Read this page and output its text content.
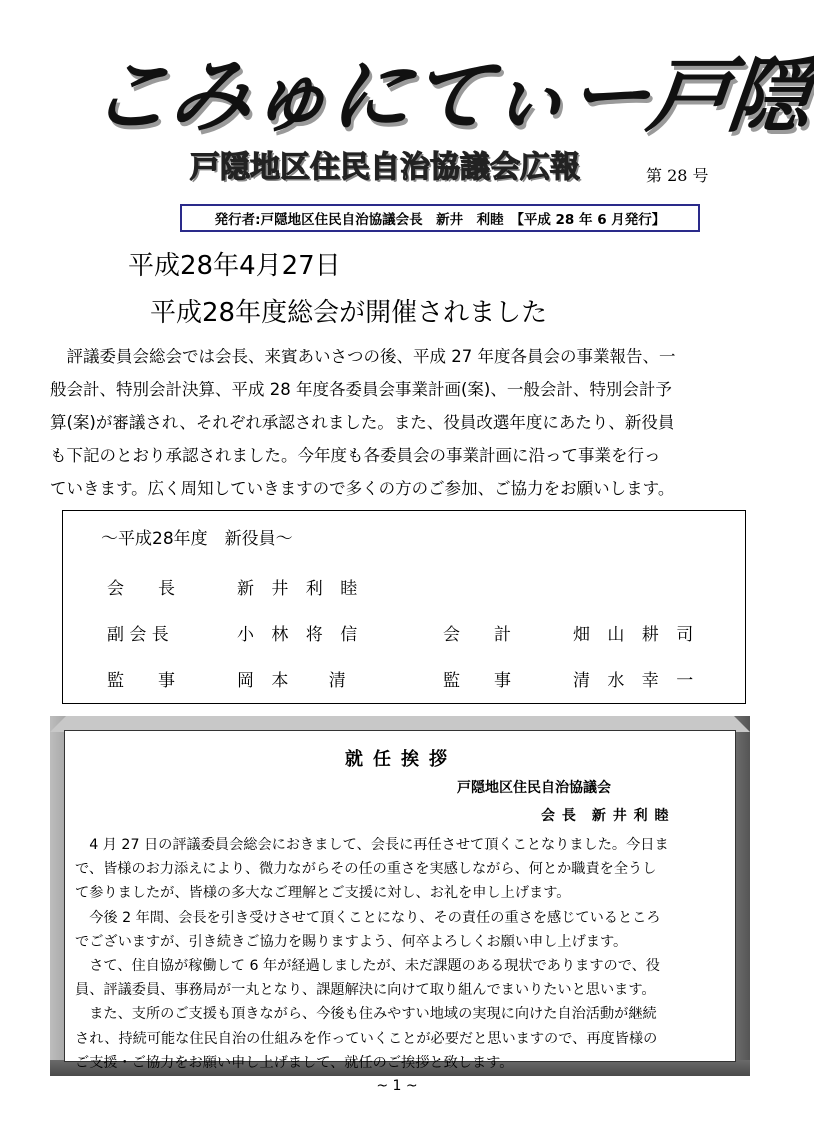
こみゅにてぃー戸隠
戸隠地区住民自治協議会広報	第 28 号
発行者:戸隠地区住民自治協議会長　新井　利睦　【平成 28 年 6 月発行】
平成28年4月27日
平成28年度総会が開催されました
　評議委員会総会では会長、来賓あいさつの後、平成 27 年度各員会の事業報告、一
般会計、特別会計決算、平成 28 年度各委員会事業計画(案)、一般会計、特別会計予
算(案)が審議され、それぞれ承認されました。また、役員改選年度にあたり、新役員
も下記のとおり承認されました。今年度も各委員会の事業計画に沿って事業を行っ
ていきます。広く周知していきますので多くの方のご参加、ご協力をお願いします。
～平成28年度　新役員～
会　　長	新 井 利 睦
副 会 長	小 林 将 信	会　　計	畑 山 耕 司
監　　事	岡 本　 清	監　　事	清 水 幸 一
就任挨拶
戸隠地区住民自治協議会
会 長　新 井 利 睦
　4 月 27 日の評議委員会総会におきまして、会長に再任させて頂くことなりました。今日ま
で、皆様のお力添えにより、微力ながらその任の重さを実感しながら、何とか職責を全うし
て参りましたが、皆様の多大なご理解とご支援に対し、お礼を申し上げます。
　今後 2 年間、会長を引き受けさせて頂くことになり、その責任の重さを感じているところ
でございますが、引き続きご協力を賜りますよう、何卒よろしくお願い申し上げます。
　さて、住自協が稼働して 6 年が経過しましたが、未だ課題のある現状でありますので、役
員、評議委員、事務局が一丸となり、課題解決に向けて取り組んでまいりたいと思います。
　また、支所のご支援も頂きながら、今後も住みやすい地域の実現に向けた自治活動が継続
され、持続可能な住民自治の仕組みを作っていくことが必要だと思いますので、再度皆様の
ご支援・ご協力をお願い申し上げまして、就任のご挨拶と致します。
~ 1 ~
